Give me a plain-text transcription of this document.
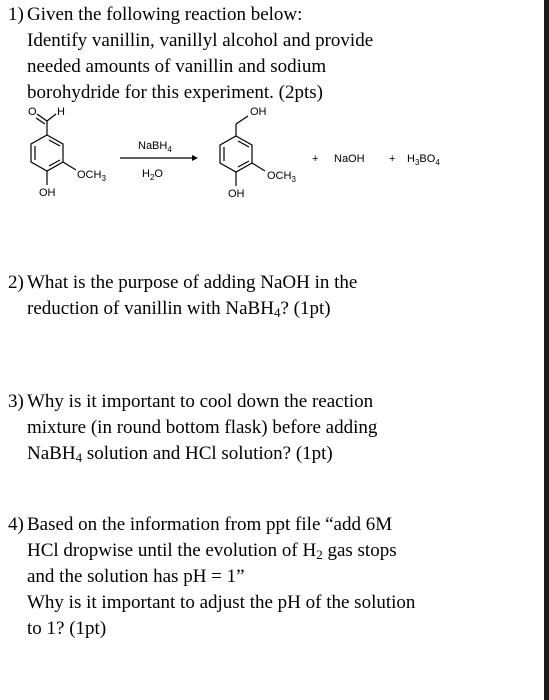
1) Given the following reaction below:
Identify vanillin, vanillyl alcohol and provide
needed amounts of vanillin and sodium
borohydride for this experiment. (2pts)
O H
$OCH_3$
OH
NaBH$_4$
$H_2O$
OH
$OCH_3$
OH
+ NaOH + $H_3BO_4$
2) What is the purpose of adding NaOH in the
reduction of vanillin with NaBH$_4$? (1pt)
3) Why is it important to cool down the reaction
mixture (in round bottom flask) before adding
NaBH$_4$ solution and HCl solution? (1pt)
4) Based on the information from ppt file “add 6M
HCl dropwise until the evolution of $H_2$ gas stops
and the solution has pH = 1”
Why is it important to adjust the pH of the solution
to 1? (1pt)
